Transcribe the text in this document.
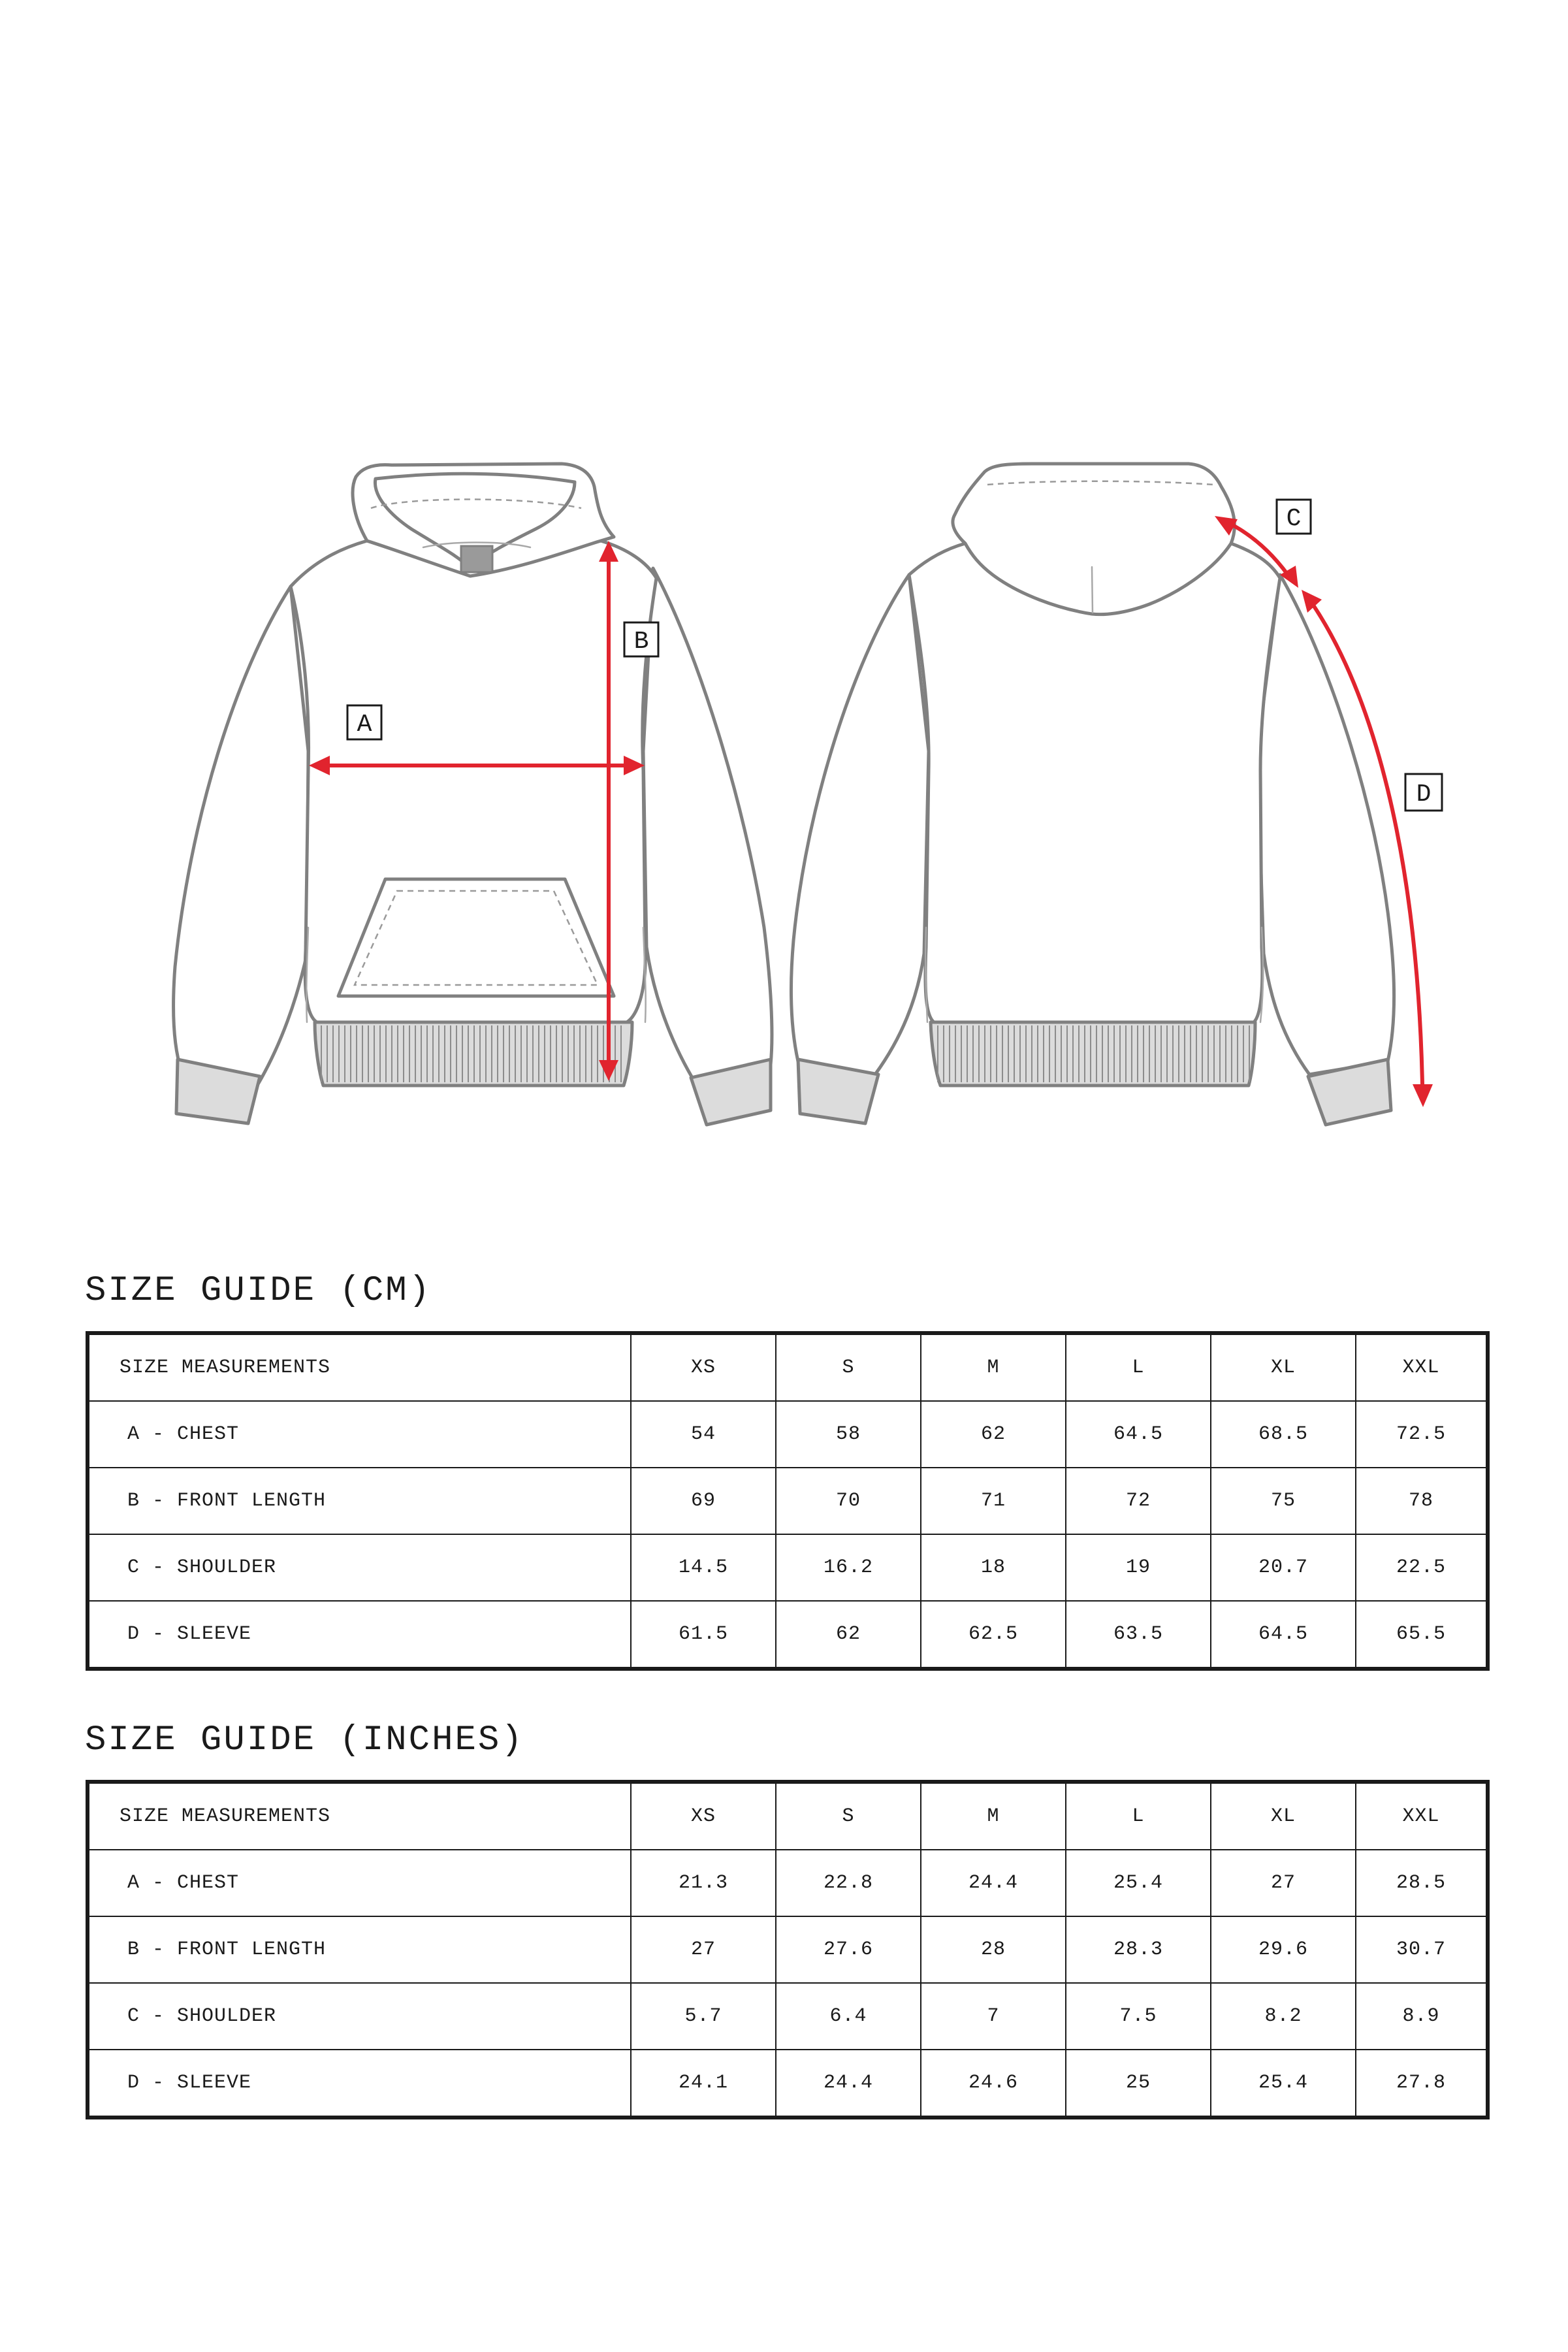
A
B
C
D
SIZE GUIDE (CM)
SIZE MEASUREMENTS	XS	S	M	L	XL	XXL
A - CHEST	54	58	62	64.5	68.5	72.5
B - FRONT LENGTH	69	70	71	72	75	78
C - SHOULDER	14.5	16.2	18	19	20.7	22.5
D - SLEEVE	61.5	62	62.5	63.5	64.5	65.5
SIZE GUIDE (INCHES)
SIZE MEASUREMENTS	XS	S	M	L	XL	XXL
A - CHEST	21.3	22.8	24.4	25.4	27	28.5
B - FRONT LENGTH	27	27.6	28	28.3	29.6	30.7
C - SHOULDER	5.7	6.4	7	7.5	8.2	8.9
D - SLEEVE	24.1	24.4	24.6	25	25.4	27.8
